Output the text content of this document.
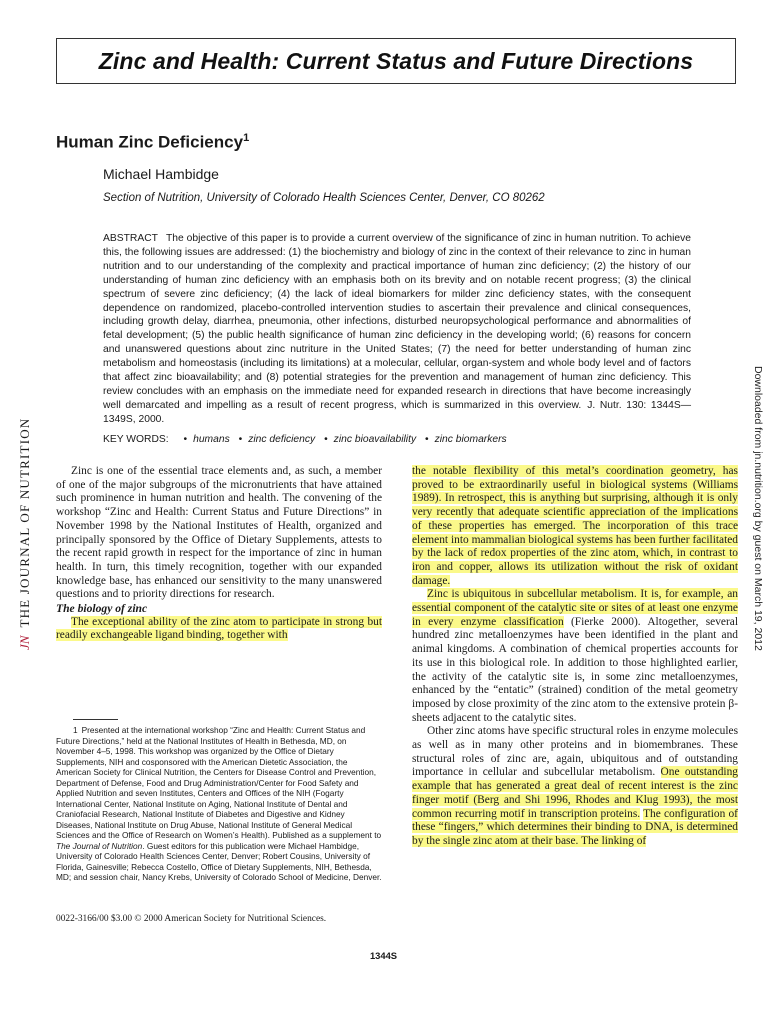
Zinc and Health: Current Status and Future Directions
Human Zinc Deficiency$^1$
Michael Hambidge
Section of Nutrition, University of Colorado Health Sciences Center, Denver, CO 80262
ABSTRACT The objective of this paper is to provide a current overview of the significance of zinc in human nutrition. To achieve this, the following issues are addressed: (1) the biochemistry and biology of zinc in the context of their relevance to zinc in human nutrition and to our understanding of the complexity and practical importance of human zinc deficiency; (2) the history of our understanding of human zinc deficiency with an emphasis both on its brevity and on notable recent progress; (3) the clinical spectrum of severe zinc deficiency; (4) the lack of ideal biomarkers for milder zinc deficiency states, with the consequent dependence on randomized, placebo-controlled intervention studies to ascertain their prevalence and clinical consequences, including growth delay, diarrhea, pneumonia, other infections, disturbed neuropsychological performance and abnormalities of fetal development; (5) the public health significance of human zinc deficiency in the developing world; (6) reasons for concern and unanswered questions about zinc nutriture in the United States; (7) the need for better understanding of human zinc metabolism and homeostasis (including its limitations) at a molecular, cellular, organ-system and whole body level and of factors that affect zinc bioavailability; and (8) potential strategies for the prevention and management of human zinc deficiency. This review concludes with an emphasis on the immediate need for expanded research in directions that have become increasingly well demarcated and impelling as a result of recent progress, which is summarized in this overview. J. Nutr. 130: 1344S—1349S, 2000.
KEY WORDS: • humans • zinc deficiency • zinc bioavailability • zinc biomarkers

Zinc is one of the essential trace elements and, as such, a member of one of the major subgroups of the micronutrients that have attained such prominence in human nutrition and health. The convening of the workshop “Zinc and Health: Current Status and Future Directions” in November 1998 by the National Institutes of Health, organized and principally sponsored by the Office of Dietary Supplements, attests to the recent rapid growth in respect for the importance of zinc in human health. In turn, this timely recognition, together with our expanded knowledge base, has enhanced our sensitivity to the many unanswered questions and to priority directions for research.

The biology of zinc

The exceptional ability of the zinc atom to participate in strong but readily exchangeable ligand binding, together with

1 Presented at the international workshop “Zinc and Health: Current Status and Future Directions,” held at the National Institutes of Health in Bethesda, MD, on November 4–5, 1998. This workshop was organized by the Office of Dietary Supplements, NIH and cosponsored with the American Dietetic Association, the American Society for Clinical Nutrition, the Centers for Disease Control and Prevention, Department of Defense, Food and Drug Administration/Center for Food Safety and Applied Nutrition and seven Institutes, Centers and Offices of the NIH (Fogarty International Center, National Institute on Aging, National Institute of Dental and Craniofacial Research, National Institute of Diabetes and Digestive and Kidney Diseases, National Institute on Drug Abuse, National Institute of General Medical Sciences and the Office of Research on Women’s Health). Published as a supplement to The Journal of Nutrition. Guest editors for this publication were Michael Hambidge, University of Colorado Health Sciences Center, Denver; Robert Cousins, University of Florida, Gainesville; Rebecca Costello, Office of Dietary Supplements, NIH, Bethesda, MD; and session chair, Nancy Krebs, University of Colorado School of Medicine, Denver.

the notable flexibility of this metal’s coordination geometry, has proved to be extraordinarily useful in biological systems (Williams 1989). In retrospect, this is anything but surprising, although it is only very recently that adequate scientific appreciation of the implications of these properties has emerged. The incorporation of this trace element into mammalian biological systems has been further facilitated by the lack of redox properties of the zinc atom, which, in contrast to iron and copper, allows its utilization without the risk of oxidant damage.

Zinc is ubiquitous in subcellular metabolism. It is, for example, an essential component of the catalytic site or sites of at least one enzyme in every enzyme classification (Fierke 2000). Altogether, several hundred zinc metalloenzymes have been identified in the plant and animal kingdoms. A combination of chemical properties accounts for its use in this biological role. In addition to those highlighted earlier, the activity of the catalytic site is, in some zinc metalloenzymes, enhanced by the “entatic” (strained) condition of the metal geometry imposed by close proximity of the zinc atom to the extensive protein β-sheets adjacent to the catalytic sites.

Other zinc atoms have specific structural roles in enzyme molecules as well as in many other proteins and in biomembranes. These structural roles of zinc are, again, ubiquitous and of outstanding importance in cellular and subcellular metabolism. One outstanding example that has generated a great deal of recent interest is the zinc finger motif (Berg and Shi 1996, Rhodes and Klug 1993), the most common recurring motif in transcription proteins. The configuration of these “fingers,” which determines their binding to DNA, is determined by the single zinc atom at their base. The linking of

0022-3166/00 $3.00 © 2000 American Society for Nutritional Sciences.
1344S
JNTHE JOURNAL OF NUTRITION	Downloaded from jn.nutrition.org by guest on March 19, 2012
